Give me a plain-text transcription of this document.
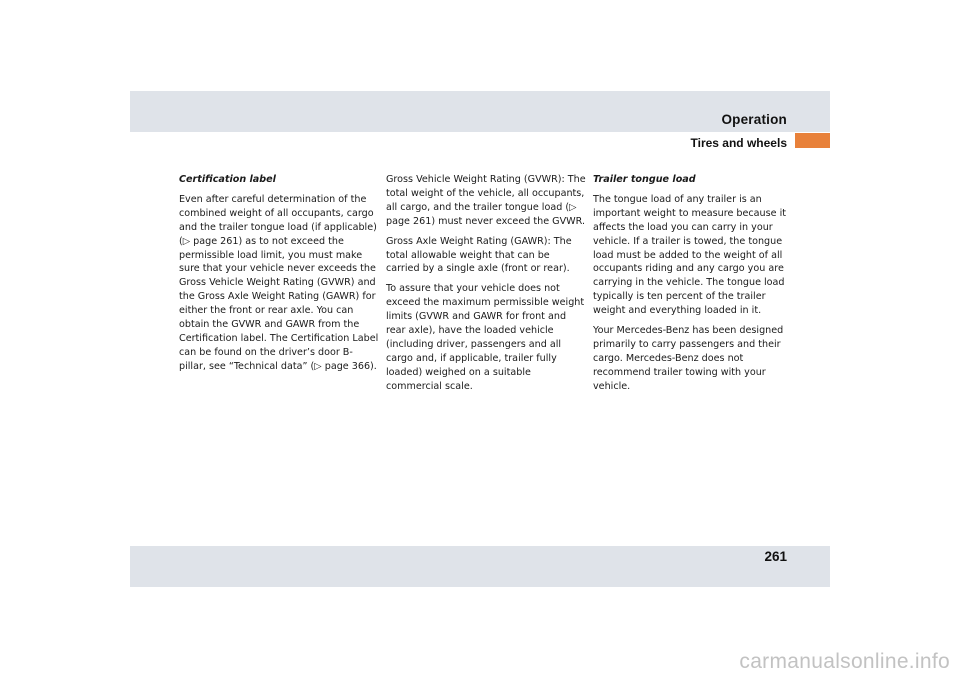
Operation
Tires and wheels

Certification label

Even after careful determination of the combined weight of all occupants, cargo and the trailer tongue load (if applicable) (▷ page 261) as to not exceed the permissible load limit, you must make sure that your vehicle never exceeds the Gross Vehicle Weight Rating (GVWR) and the Gross Axle Weight Rating (GAWR) for either the front or rear axle. You can obtain the GVWR and GAWR from the Certification label. The Certification Label can be found on the driver’s door B-pillar, see “Technical data” (▷ page 366).

Gross Vehicle Weight Rating (GVWR): The total weight of the vehicle, all occupants, all cargo, and the trailer tongue load (▷ page 261) must never exceed the GVWR.

Gross Axle Weight Rating (GAWR): The total allowable weight that can be carried by a single axle (front or rear).

To assure that your vehicle does not exceed the maximum permissible weight limits (GVWR and GAWR for front and rear axle), have the loaded vehicle (including driver, passengers and all cargo and, if applicable, trailer fully loaded) weighed on a suitable commercial scale.

Trailer tongue load

The tongue load of any trailer is an important weight to measure because it affects the load you can carry in your vehicle. If a trailer is towed, the tongue load must be added to the weight of all occupants riding and any cargo you are carrying in the vehicle. The tongue load typically is ten percent of the trailer weight and everything loaded in it.

Your Mercedes-Benz has been designed primarily to carry passengers and their cargo. Mercedes-Benz does not recommend trailer towing with your vehicle.

261
carmanualsonline.info
